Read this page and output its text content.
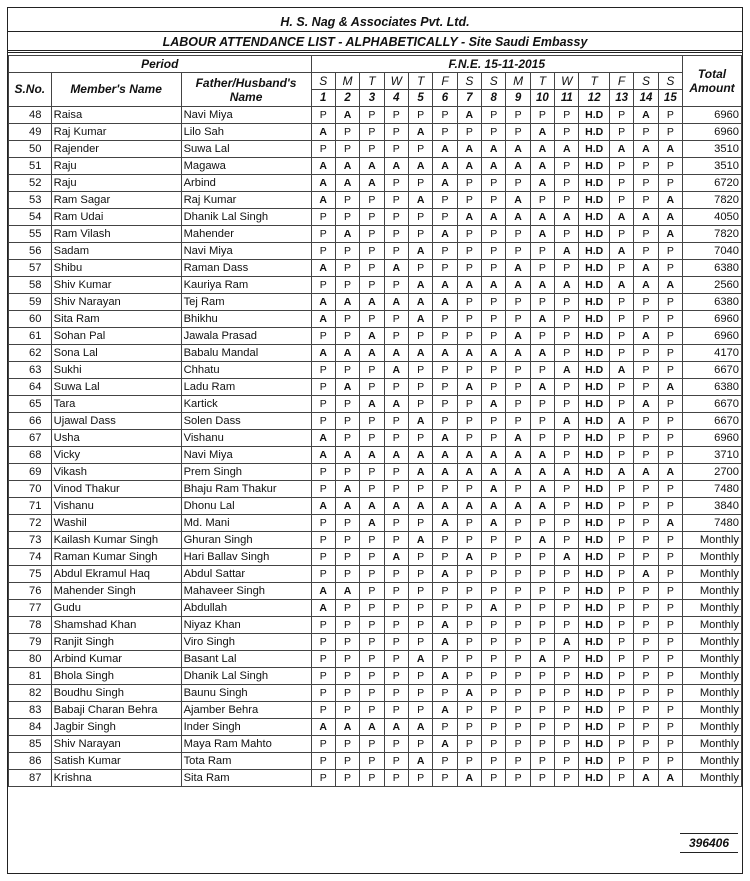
H. S. Nag & Associates Pvt. Ltd.
LABOUR ATTENDANCE LIST - ALPHABETICALLY - Site Saudi Embassy
Period			F.N.E. 15-11-2015															Total Amount
S.No.	Member's Name	Father/Husband's Name	S	M	T	W	T	F	S	S	M	T	W	T	F	S	S	
			1	2	3	4	5	6	7	8	9	10	11	12	13	14	15	
48	Raisa	Navi Miya	P	A	P	P	P	P	A	P	P	P	P	H.D	P	A	P	6960
49	Raj Kumar	Lilo Sah	A	P	P	P	A	P	P	P	P	A	P	H.D	P	P	P	6960
50	Rajender	Suwa Lal	P	P	P	P	P	A	A	A	A	A	A	H.D	A	A	A	3510
51	Raju	Magawa	A	A	A	A	A	A	A	A	A	A	P	H.D	P	P	P	3510
52	Raju	Arbind	A	A	A	P	P	A	P	P	P	A	P	H.D	P	P	P	6720
53	Ram Sagar	Raj Kumar	A	P	P	P	A	P	P	P	A	P	P	H.D	P	P	A	7820
54	Ram Udai	Dhanik Lal Singh	P	P	P	P	P	P	A	A	A	A	A	H.D	A	A	A	4050
55	Ram Vilash	Mahender	P	A	P	P	P	A	P	P	P	A	P	H.D	P	P	A	7820
56	Sadam	Navi Miya	P	P	P	P	A	P	P	P	P	P	A	H.D	A	P	P	7040
57	Shibu	Raman Dass	A	P	P	A	P	P	P	P	A	P	P	H.D	P	A	P	6380
58	Shiv Kumar	Kauriya Ram	P	P	P	P	A	A	A	A	A	A	A	H.D	A	A	A	2560
59	Shiv Narayan	Tej Ram	A	A	A	A	A	A	P	P	P	P	P	H.D	P	P	P	6380
60	Sita Ram	Bhikhu	A	P	P	P	A	P	P	P	P	A	P	H.D	P	P	P	6960
61	Sohan Pal	Jawala Prasad	P	P	A	P	P	P	P	P	A	P	P	H.D	P	A	P	6960
62	Sona Lal	Babalu Mandal	A	A	A	A	A	A	A	A	A	A	P	H.D	P	P	P	4170
63	Sukhi	Chhatu	P	P	P	A	P	P	P	P	P	P	A	H.D	A	P	P	6670
64	Suwa Lal	Ladu Ram	P	A	P	P	P	P	A	P	P	A	P	H.D	P	P	A	6380
65	Tara	Kartick	P	P	A	A	P	P	P	A	P	P	P	H.D	P	A	P	6670
66	Ujawal Dass	Solen Dass	P	P	P	P	A	P	P	P	P	P	A	H.D	A	P	P	6670
67	Usha	Vishanu	A	P	P	P	P	A	P	P	A	P	P	H.D	P	P	P	6960
68	Vicky	Navi Miya	A	A	A	A	A	A	A	A	A	A	P	H.D	P	P	P	3710
69	Vikash	Prem Singh	P	P	P	P	A	A	A	A	A	A	A	H.D	A	A	A	2700
70	Vinod Thakur	Bhaju Ram Thakur	P	A	P	P	P	P	P	A	P	A	P	H.D	P	P	P	7480
71	Vishanu	Dhonu Lal	A	A	A	A	A	A	A	A	A	A	P	H.D	P	P	P	3840
72	Washil	Md. Mani	P	P	A	P	P	A	P	A	P	P	P	H.D	P	P	A	7480
73	Kailash Kumar Singh	Ghuran Singh	P	P	P	P	A	P	P	P	P	A	P	H.D	P	P	P	Monthly
74	Raman Kumar Singh	Hari Ballav Singh	P	P	P	A	P	P	A	P	P	P	A	H.D	P	P	P	Monthly
75	Abdul Ekramul Haq	Abdul Sattar	P	P	P	P	P	A	P	P	P	P	P	H.D	P	A	P	Monthly
76	Mahender Singh	Mahaveer Singh	A	A	P	P	P	P	P	P	P	P	P	H.D	P	P	P	Monthly
77	Gudu	Abdullah	A	P	P	P	P	P	P	A	P	P	P	H.D	P	P	P	Monthly
78	Shamshad Khan	Niyaz Khan	P	P	P	P	P	A	P	P	P	P	P	H.D	P	P	P	Monthly
79	Ranjit Singh	Viro Singh	P	P	P	P	P	A	P	P	P	P	A	H.D	P	P	P	Monthly
80	Arbind Kumar	Basant Lal	P	P	P	P	A	P	P	P	P	A	P	H.D	P	P	P	Monthly
81	Bhola Singh	Dhanik Lal Singh	P	P	P	P	P	A	P	P	P	P	P	H.D	P	P	P	Monthly
82	Boudhu Singh	Baunu Singh	P	P	P	P	P	P	A	P	P	P	P	H.D	P	P	P	Monthly
83	Babaji Charan Behra	Ajamber Behra	P	P	P	P	P	A	P	P	P	P	P	H.D	P	P	P	Monthly
84	Jagbir Singh	Inder Singh	A	A	A	A	A	P	P	P	P	P	P	H.D	P	P	P	Monthly
85	Shiv Narayan	Maya Ram Mahto	P	P	P	P	P	A	P	P	P	P	P	H.D	P	P	P	Monthly
86	Satish Kumar	Tota Ram	P	P	P	P	A	P	P	P	P	P	P	H.D	P	P	P	Monthly
87	Krishna	Sita Ram	P	P	P	P	P	P	A	P	P	P	P	H.D	P	A	A	Monthly
396406
